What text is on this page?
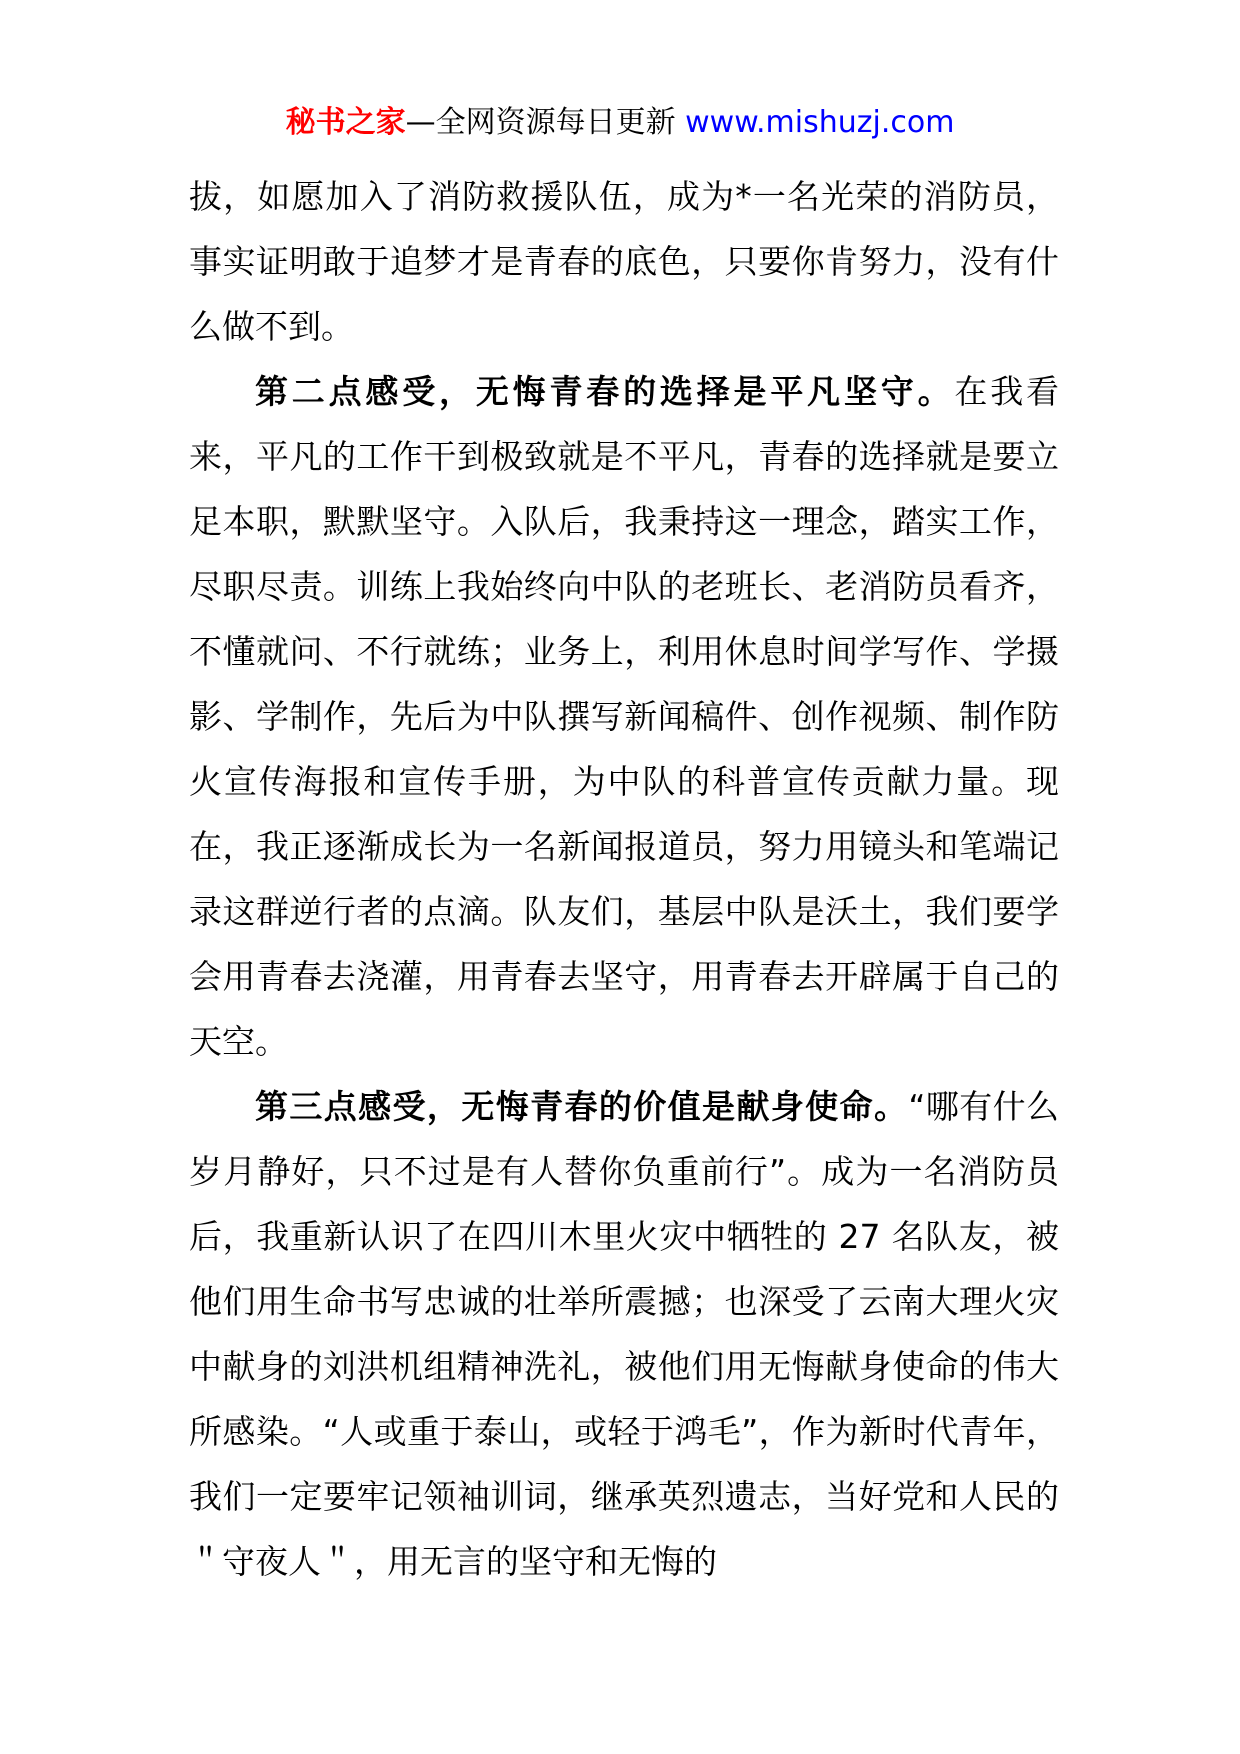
秘书之家—全网资源每日更新 www.mishuzj.com

拔，如愿加入了消防救援队伍，成为*一名光荣的消防员，事实证明敢于追梦才是青春的底色，只要你肯努力，没有什么做不到。

第二点感受，无悔青春的选择是平凡坚守。在我看来，平凡的工作干到极致就是不平凡，青春的选择就是要立足本职，默默坚守。入队后，我秉持这一理念，踏实工作，尽职尽责。训练上我始终向中队的老班长、老消防员看齐，不懂就问、不行就练；业务上，利用休息时间学写作、学摄影、学制作，先后为中队撰写新闻稿件、创作视频、制作防火宣传海报和宣传手册，为中队的科普宣传贡献力量。现在，我正逐渐成长为一名新闻报道员，努力用镜头和笔端记录这群逆行者的点滴。队友们，基层中队是沃土，我们要学会用青春去浇灌，用青春去坚守，用青春去开辟属于自己的天空。

第三点感受，无悔青春的价值是献身使命。“哪有什么岁月静好，只不过是有人替你负重前行”。成为一名消防员后，我重新认识了在四川木里火灾中牺牲的 27 名队友，被他们用生命书写忠诚的壮举所震撼；也深受了云南大理火灾中献身的刘洪机组精神洗礼，被他们用无悔献身使命的伟大所感染。“人或重于泰山，或轻于鸿毛”，作为新时代青年，我们一定要牢记领袖训词，继承英烈遗志，当好党和人民的＂守夜人＂，用无言的坚守和无悔的
